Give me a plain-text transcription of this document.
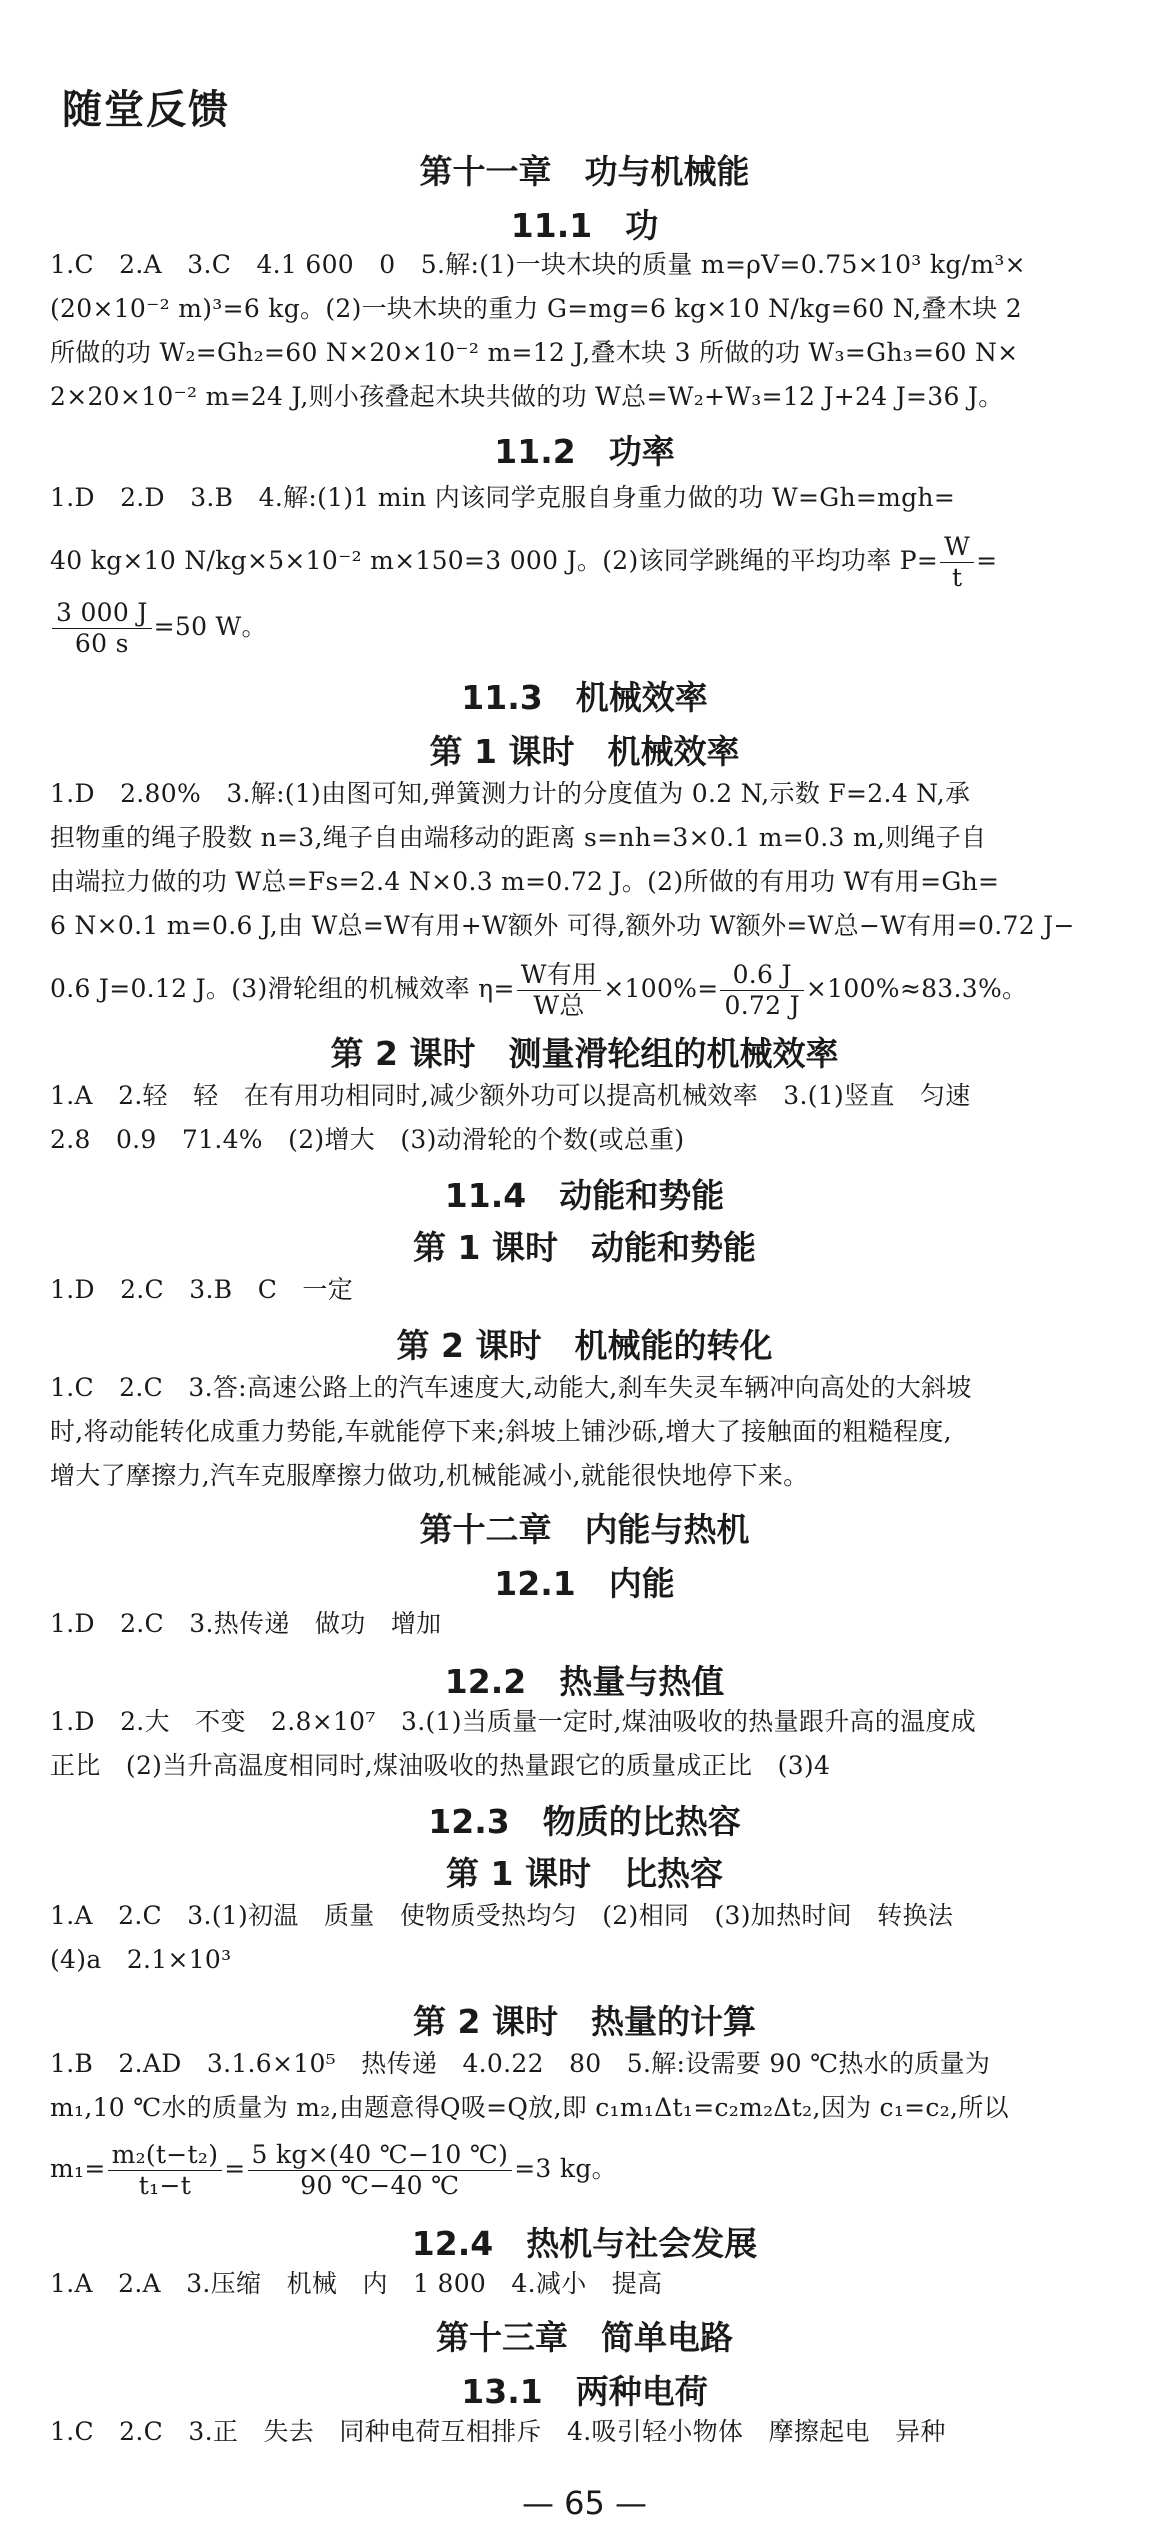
随堂反馈
第十一章　功与机械能
11.1　功
1.C　2.A　3.C　4.1 600　0　5.解:(1)一块木块的质量 m=ρV=0.75×10³ kg/m³×
(20×10⁻² m)³=6 kg。(2)一块木块的重力 G=mg=6 kg×10 N/kg=60 N,叠木块 2
所做的功 W₂=Gh₂=60 N×20×10⁻² m=12 J,叠木块 3 所做的功 W₃=Gh₃=60 N×
2×20×10⁻² m=24 J,则小孩叠起木块共做的功 W总=W₂+W₃=12 J+24 J=36 J。
11.2　功率
1.D　2.D　3.B　4.解:(1)1 min 内该同学克服自身重力做的功 W=Gh=mgh=
40 kg×10 N/kg×5×10⁻² m×150=3 000 J。(2)该同学跳绳的平均功率 $P= \frac{W}{t}$ =
$\frac{3 000 J}{60 s} =50$ W。
11.3　机械效率
第 1 课时　机械效率
1.D　2.80%　3.解:(1)由图可知,弹簧测力计的分度值为 0.2 N,示数 F=2.4 N,承
担物重的绳子股数 n=3,绳子自由端移动的距离 s=nh=3×0.1 m=0.3 m,则绳子自
由端拉力做的功 W总=Fs=2.4 N×0.3 m=0.72 J。(2)所做的有用功 W有用=Gh=
6 N×0.1 m=0.6 J,由 W总=W有用+W额外 可得,额外功 W额外=W总−W有用=0.72 J−
0.6 J=0.12 J。(3)滑轮组的机械效率 $\eta= \frac{\text{W有用}}{\text{W总}} \times 100\%= \frac{0.6 J}{0.72 J} \times 100\%\approx 83.3\%$。
第 2 课时　测量滑轮组的机械效率
1.A　2.轻　轻　在有用功相同时,减少额外功可以提高机械效率　3.(1)竖直　匀速
2.8　0.9　71.4%　(2)增大　(3)动滑轮的个数(或总重)
11.4　动能和势能
第 1 课时　动能和势能
1.D　2.C　3.B　C　一定
第 2 课时　机械能的转化
1.C　2.C　3.答:高速公路上的汽车速度大,动能大,刹车失灵车辆冲向高处的大斜坡
时,将动能转化成重力势能,车就能停下来;斜坡上铺沙砾,增大了接触面的粗糙程度,
增大了摩擦力,汽车克服摩擦力做功,机械能减小,就能很快地停下来。
第十二章　内能与热机
12.1　内能
1.D　2.C　3.热传递　做功　增加
12.2　热量与热值
1.D　2.大　不变　2.8×10⁷　3.(1)当质量一定时,煤油吸收的热量跟升高的温度成
正比　(2)当升高温度相同时,煤油吸收的热量跟它的质量成正比　(3)4
12.3　物质的比热容
第 1 课时　比热容
1.A　2.C　3.(1)初温　质量　使物质受热均匀　(2)相同　(3)加热时间　转换法
(4)a　2.1×10³
第 2 课时　热量的计算
1.B　2.AD　3.1.6×10⁵　热传递　4.0.22　80　5.解:设需要 90 ℃热水的质量为
m₁,10 ℃水的质量为 m₂,由题意得Q吸=Q放,即 c₁m₁Δt₁=c₂m₂Δt₂,因为 c₁=c₂,所以
$m_1= \frac{\text{m₂(t−t₂)}}{\text{t₁−t}} = \frac{5 kg\times(40 ℃-10 ℃)}{90 ℃-40 ℃} =3$ kg。
12.4　热机与社会发展
1.A　2.A　3.压缩　机械　内　1 800　4.减小　提高
第十三章　简单电路
13.1　两种电荷
1.C　2.C　3.正　失去　同种电荷互相排斥　4.吸引轻小物体　摩擦起电　异种
— 65 —
